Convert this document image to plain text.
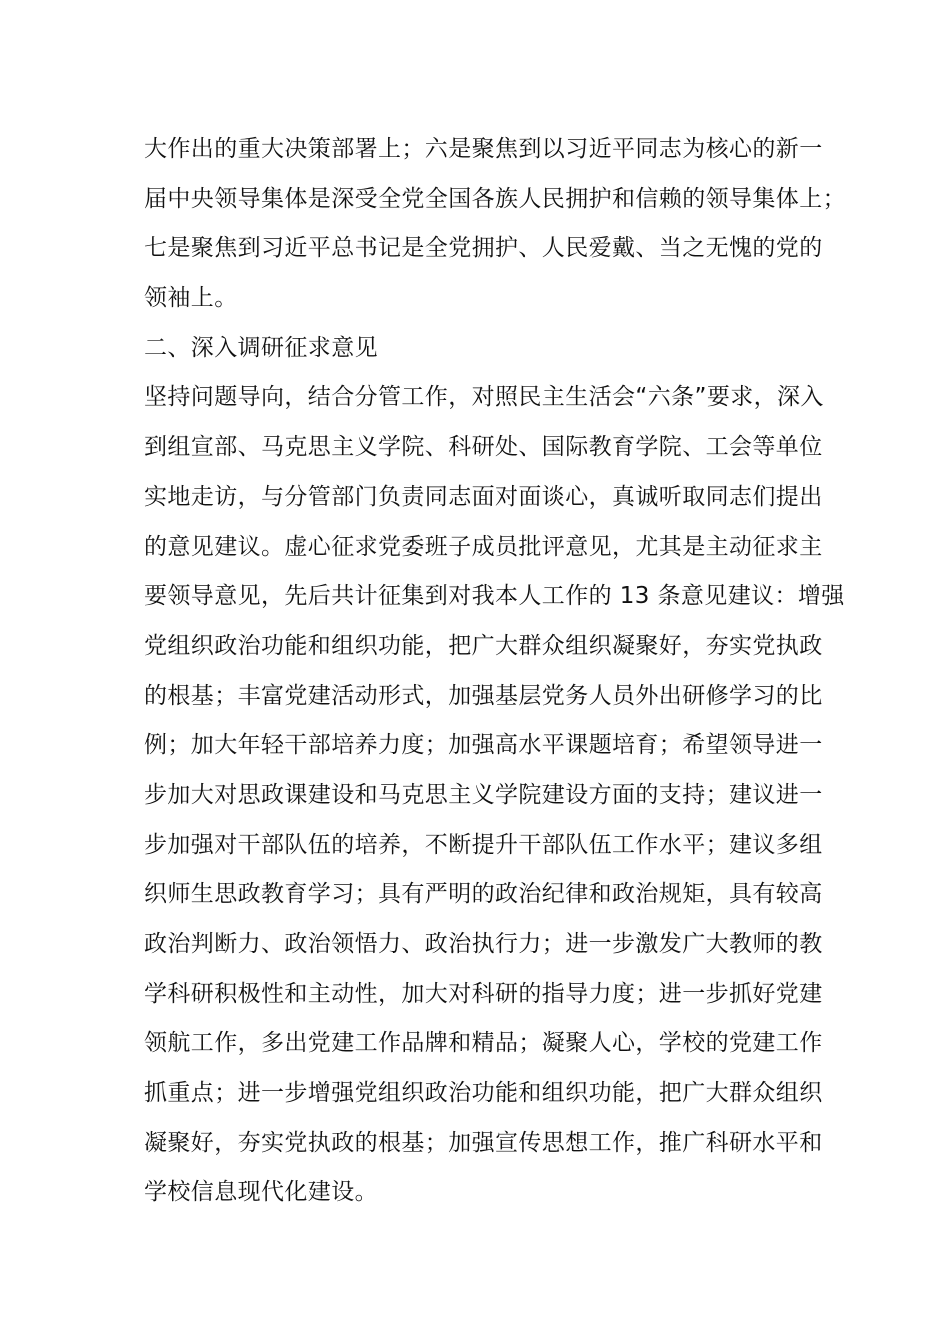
大作出的重大决策部署上；六是聚焦到以习近平同志为核心的新一
届中央领导集体是深受全党全国各族人民拥护和信赖的领导集体上；
七是聚焦到习近平总书记是全党拥护、人民爱戴、当之无愧的党的
领袖上。
二、深入调研征求意见
坚持问题导向，结合分管工作，对照民主生活会“六条”要求，深入
到组宣部、马克思主义学院、科研处、国际教育学院、工会等单位
实地走访，与分管部门负责同志面对面谈心，真诚听取同志们提出
的意见建议。虚心征求党委班子成员批评意见，尤其是主动征求主
要领导意见，先后共计征集到对我本人工作的 13 条意见建议：增强
党组织政治功能和组织功能，把广大群众组织凝聚好，夯实党执政
的根基；丰富党建活动形式，加强基层党务人员外出研修学习的比
例；加大年轻干部培养力度；加强高水平课题培育；希望领导进一
步加大对思政课建设和马克思主义学院建设方面的支持；建议进一
步加强对干部队伍的培养，不断提升干部队伍工作水平；建议多组
织师生思政教育学习；具有严明的政治纪律和政治规矩，具有较高
政治判断力、政治领悟力、政治执行力；进一步激发广大教师的教
学科研积极性和主动性，加大对科研的指导力度；进一步抓好党建
领航工作，多出党建工作品牌和精品；凝聚人心，学校的党建工作
抓重点；进一步增强党组织政治功能和组织功能，把广大群众组织
凝聚好，夯实党执政的根基；加强宣传思想工作，推广科研水平和
学校信息现代化建设。
